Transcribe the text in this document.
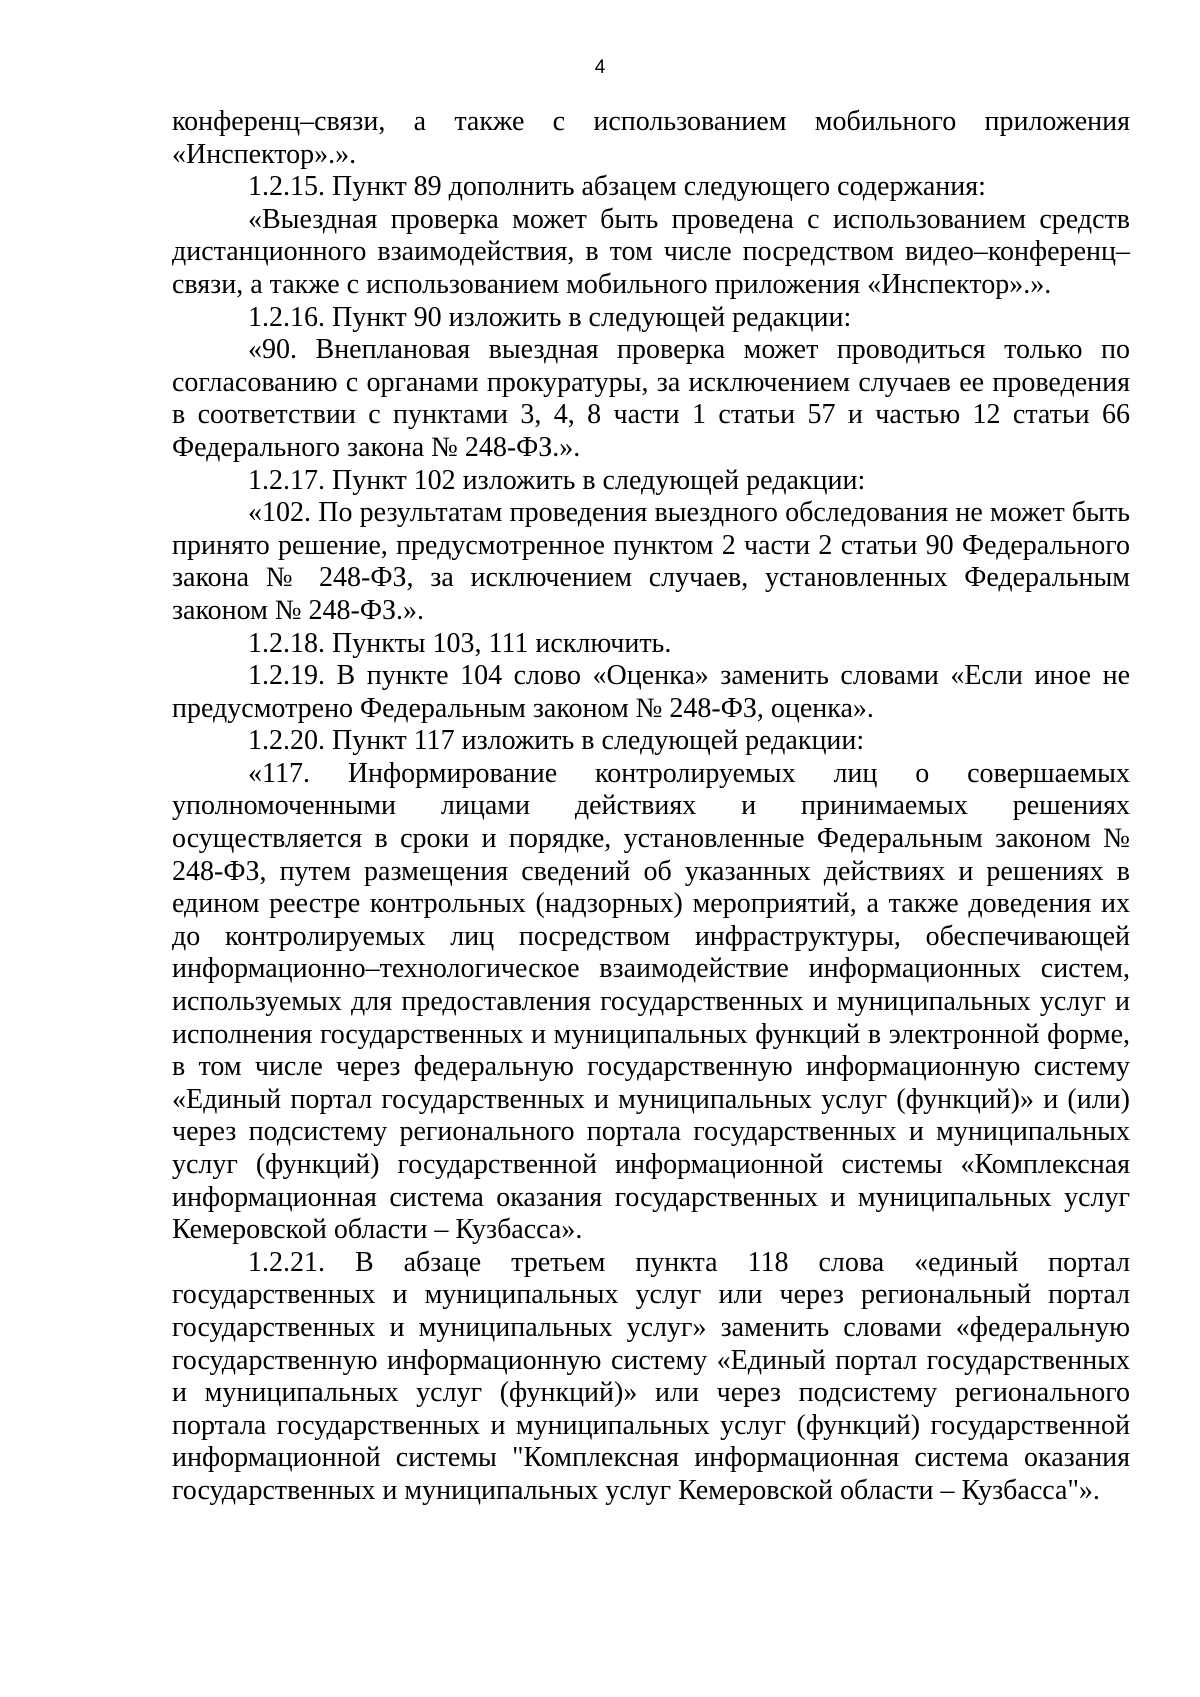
4

конференц–связи, а также с использованием мобильного приложения «Инспектор».».

1.2.15. Пункт 89 дополнить абзацем следующего содержания:

«Выездная проверка может быть проведена с использованием средств дистанционного взаимодействия, в том числе посредством видео–конференц–связи, а также с использованием мобильного приложения «Инспектор».».

1.2.16. Пункт 90 изложить в следующей редакции:

«90. Внеплановая выездная проверка может проводиться только по согласованию с органами прокуратуры, за исключением случаев ее проведения в соответствии с пунктами 3, 4, 8 части 1 статьи 57 и частью 12 статьи 66 Федерального закона № 248-ФЗ.».

1.2.17. Пункт 102 изложить в следующей редакции:

«102. По результатам проведения выездного обследования не может быть принято решение, предусмотренное пунктом 2 части 2 статьи 90 Федерального закона № 248-ФЗ, за исключением случаев, установленных Федеральным законом № 248-ФЗ.».

1.2.18. Пункты 103, 111 исключить.

1.2.19. В пункте 104 слово «Оценка» заменить словами «Если иное не предусмотрено Федеральным законом № 248-ФЗ, оценка».

1.2.20. Пункт 117 изложить в следующей редакции:

«117. Информирование контролируемых лиц о совершаемых уполномоченными лицами действиях и принимаемых решениях осуществляется в сроки и порядке, установленные Федеральным законом № 248-ФЗ, путем размещения сведений об указанных действиях и решениях в едином реестре контрольных (надзорных) мероприятий, а также доведения их до контролируемых лиц посредством инфраструктуры, обеспечивающей информационно–технологическое взаимодействие информационных систем, используемых для предоставления государственных и муниципальных услуг и исполнения государственных и муниципальных функций в электронной форме, в том числе через федеральную государственную информационную систему «Единый портал государственных и муниципальных услуг (функций)» и (или) через подсистему регионального портала государственных и муниципальных услуг (функций) государственной информационной системы «Комплексная информационная система оказания государственных и муниципальных услуг Кемеровской области – Кузбасса».

1.2.21. В абзаце третьем пункта 118 слова «единый портал государственных и муниципальных услуг или через региональный портал государственных и муниципальных услуг» заменить словами «федеральную государственную информационную систему «Единый портал государственных и муниципальных услуг (функций)» или через подсистему регионального портала государственных и муниципальных услуг (функций) государственной информационной системы "Комплексная информационная система оказания государственных и муниципальных услуг Кемеровской области – Кузбасса"».
